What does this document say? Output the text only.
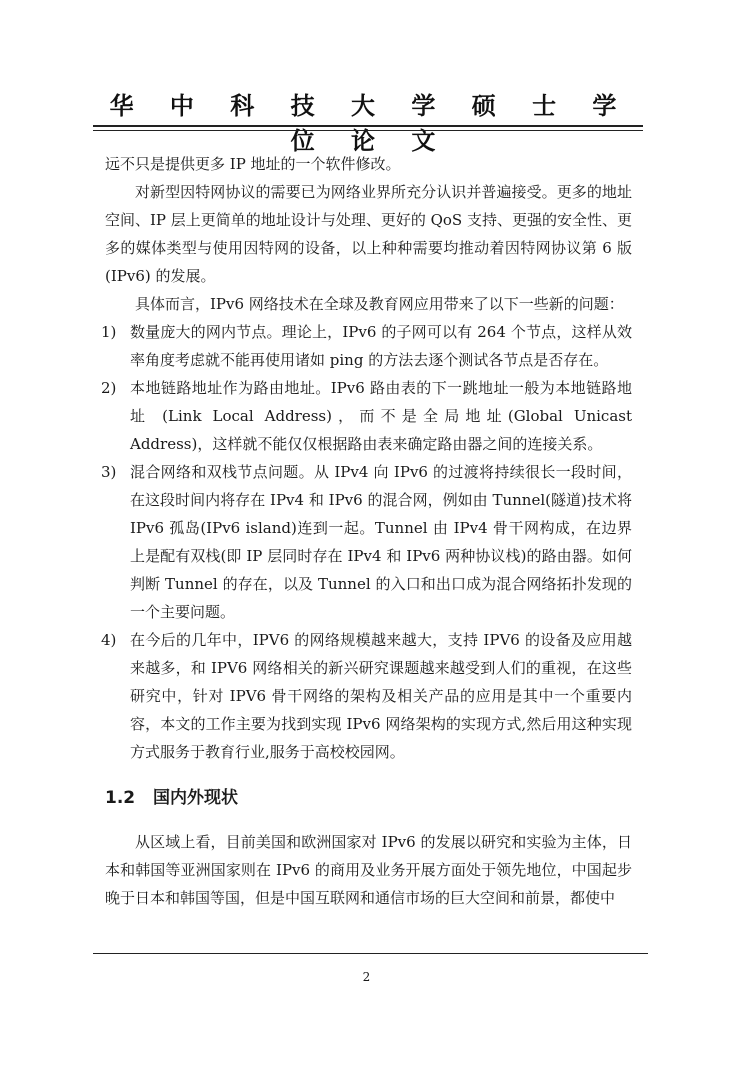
华 中 科 技 大 学 硕 士 学 位 论 文

远不只是提供更多 IP 地址的一个软件修改。

对新型因特网协议的需要已为网络业界所充分认识并普遍接受。更多的地址空间、IP 层上更简单的地址设计与处理、更好的 QoS 支持、更强的安全性、更多的媒体类型与使用因特网的设备，以上种种需要均推动着因特网协议第 6 版 (IPv6) 的发展。

具体而言，IPv6 网络技术在全球及教育网应用带来了以下一些新的问题：

1) 数量庞大的网内节点。理论上，IPv6 的子网可以有 264 个节点，这样从效率角度考虑就不能再使用诸如 ping 的方法去逐个测试各节点是否存在。

2) 本地链路地址作为路由地址。IPv6 路由表的下一跳地址一般为本地链路地址 (Link Local Address)，而不是全局地址(Global Unicast Address)，这样就不能仅仅根据路由表来确定路由器之间的连接关系。

3) 混合网络和双栈节点问题。从 IPv4 向 IPv6 的过渡将持续很长一段时间，在这段时间内将存在 IPv4 和 IPv6 的混合网，例如由 Tunnel(隧道)技术将 IPv6 孤岛(IPv6 island)连到一起。Tunnel 由 IPv4 骨干网构成，在边界上是配有双栈(即 IP 层同时存在 IPv4 和 IPv6 两种协议栈)的路由器。如何判断 Tunnel 的存在，以及 Tunnel 的入口和出口成为混合网络拓扑发现的一个主要问题。

4) 在今后的几年中，IPV6 的网络规模越来越大，支持 IPV6 的设备及应用越来越多，和 IPV6 网络相关的新兴研究课题越来越受到人们的重视，在这些研究中，针对 IPV6 骨干网络的架构及相关产品的应用是其中一个重要内容，本文的工作主要为找到实现 IPv6 网络架构的实现方式,然后用这种实现方式服务于教育行业,服务于高校校园网。

1.2 国内外现状

从区域上看，目前美国和欧洲国家对 IPv6 的发展以研究和实验为主体，日本和韩国等亚洲国家则在 IPv6 的商用及业务开展方面处于领先地位，中国起步晚于日本和韩国等国，但是中国互联网和通信市场的巨大空间和前景，都使中

2
